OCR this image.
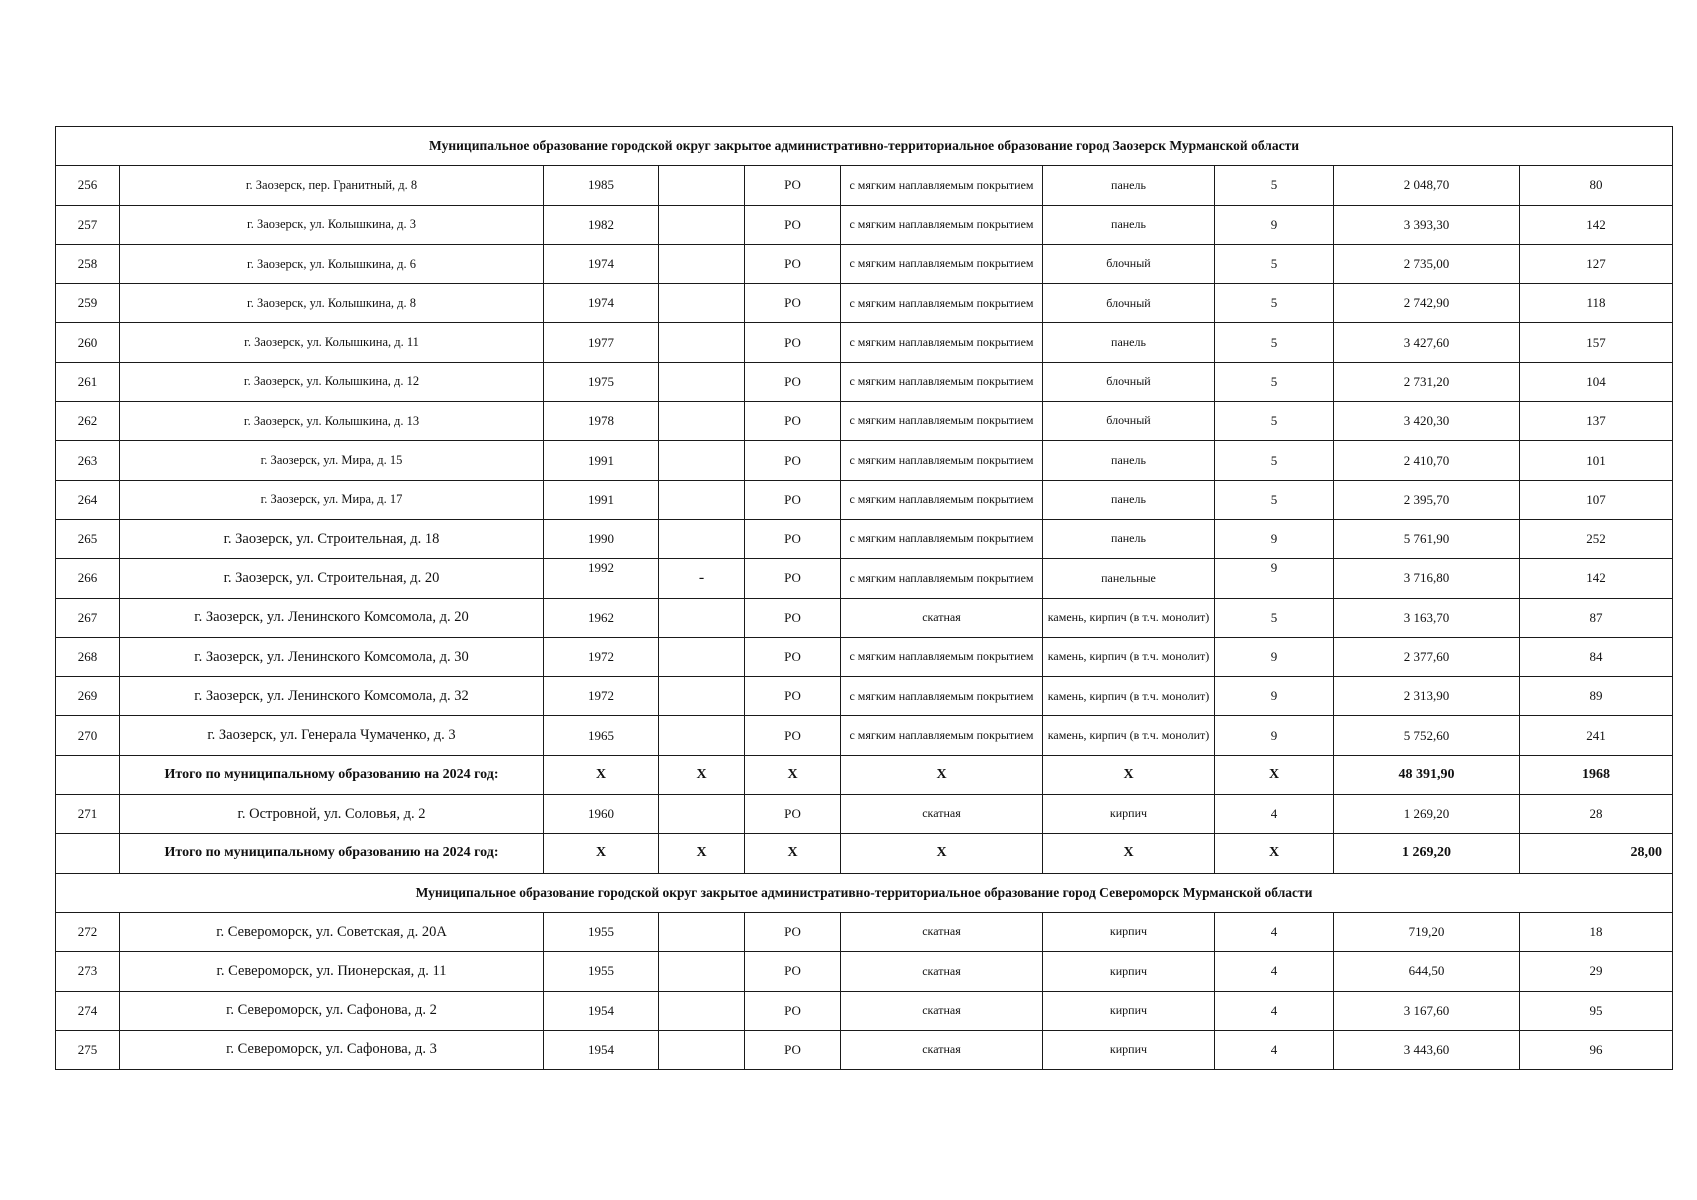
Муниципальное образование городской округ закрытое административно-территориальное образование город Заозерск Мурманской области									
256	г. Заозерск, пер. Гранитный, д. 8	1985		РО	с мягким наплавляемым покрытием	панель	5	2 048,70	80
257	г. Заозерск, ул. Колышкина, д. 3	1982		РО	с мягким наплавляемым покрытием	панель	9	3 393,30	142
258	г. Заозерск, ул. Колышкина, д. 6	1974		РО	с мягким наплавляемым покрытием	блочный	5	2 735,00	127
259	г. Заозерск, ул. Колышкина, д. 8	1974		РО	с мягким наплавляемым покрытием	блочный	5	2 742,90	118
260	г. Заозерск, ул. Колышкина, д. 11	1977		РО	с мягким наплавляемым покрытием	панель	5	3 427,60	157
261	г. Заозерск, ул. Колышкина, д. 12	1975		РО	с мягким наплавляемым покрытием	блочный	5	2 731,20	104
262	г. Заозерск, ул. Колышкина, д. 13	1978		РО	с мягким наплавляемым покрытием	блочный	5	3 420,30	137
263	г. Заозерск, ул. Мира, д. 15	1991		РО	с мягким наплавляемым покрытием	панель	5	2 410,70	101
264	г. Заозерск, ул. Мира, д. 17	1991		РО	с мягким наплавляемым покрытием	панель	5	2 395,70	107
265	г. Заозерск, ул. Строительная, д. 18	1990		РО	с мягким наплавляемым покрытием	панель	9	5 761,90	252
266	г. Заозерск, ул. Строительная, д. 20	1992	-	РО	с мягким наплавляемым покрытием	панельные	9	3 716,80	142
267	г. Заозерск, ул. Ленинского Комсомола, д. 20	1962		РО	скатная	камень, кирпич (в т.ч. монолит)	5	3 163,70	87
268	г. Заозерск, ул. Ленинского Комсомола, д. 30	1972		РО	с мягким наплавляемым покрытием	камень, кирпич (в т.ч. монолит)	9	2 377,60	84
269	г. Заозерск, ул. Ленинского Комсомола, д. 32	1972		РО	с мягким наплавляемым покрытием	камень, кирпич (в т.ч. монолит)	9	2 313,90	89
270	г. Заозерск, ул. Генерала Чумаченко, д. 3	1965		РО	с мягким наплавляемым покрытием	камень, кирпич (в т.ч. монолит)	9	5 752,60	241
	Итого по муниципальному образованию на 2024 год:	X	X	X	X	X	X	48 391,90	1968
271	г. Островной, ул. Соловья, д. 2	1960		РО	скатная	кирпич	4	1 269,20	28
	Итого по муниципальному образованию на 2024 год:	X	X	X	X	X	X	1 269,20	28,00
Муниципальное образование городской округ закрытое административно-территориальное образование город Североморск Мурманской области									
272	г. Североморск, ул. Советская, д. 20А	1955		РО	скатная	кирпич	4	719,20	18
273	г. Североморск, ул. Пионерская, д. 11	1955		РО	скатная	кирпич	4	644,50	29
274	г. Североморск, ул. Сафонова, д. 2	1954		РО	скатная	кирпич	4	3 167,60	95
275	г. Североморск, ул. Сафонова, д. 3	1954		РО	скатная	кирпич	4	3 443,60	96
